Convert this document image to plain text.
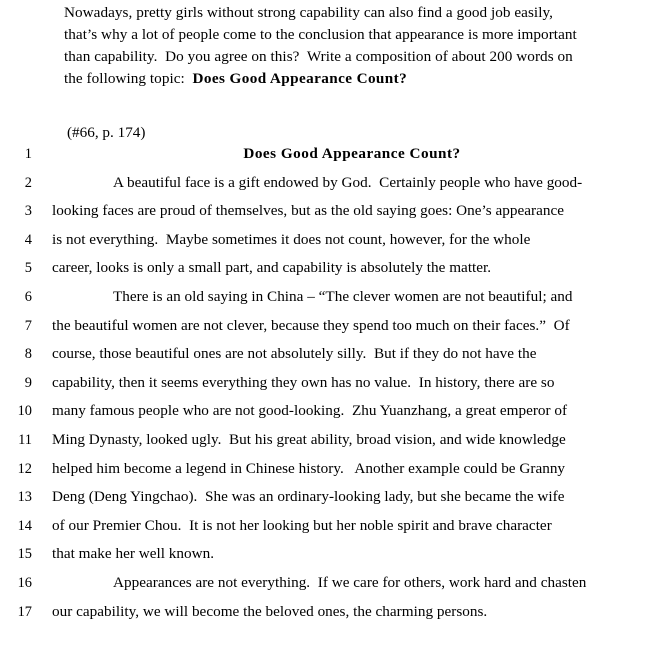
Nowadays, pretty girls without strong capability can also find a good job easily,
that’s why a lot of people come to the conclusion that appearance is more important
than capability.  Do you agree on this?  Write a composition of about 200 words on
the following topic:  Does Good Appearance Count?
(#66, p. 174)
1	Does Good Appearance Count?
2	A beautiful face is a gift endowed by God.  Certainly people who have good-
3 looking faces are proud of themselves, but as the old saying goes: One’s appearance
4 is not everything.  Maybe sometimes it does not count, however, for the whole
5 career, looks is only a small part, and capability is absolutely the matter.
6	There is an old saying in China – “The clever women are not beautiful; and
7 the beautiful women are not clever, because they spend too much on their faces.”  Of
8 course, those beautiful ones are not absolutely silly.  But if they do not have the
9 capability, then it seems everything they own has no value.  In history, there are so
10 many famous people who are not good-looking.  Zhu Yuanzhang, a great emperor of
11 Ming Dynasty, looked ugly.  But his great ability, broad vision, and wide knowledge
12 helped him become a legend in Chinese history.   Another example could be Granny
13 Deng (Deng Yingchao).  She was an ordinary-looking lady, but she became the wife
14 of our Premier Chou.  It is not her looking but her noble spirit and brave character
15 that make her well known.
16	Appearances are not everything.  If we care for others, work hard and chasten
17 our capability, we will become the beloved ones, the charming persons.
